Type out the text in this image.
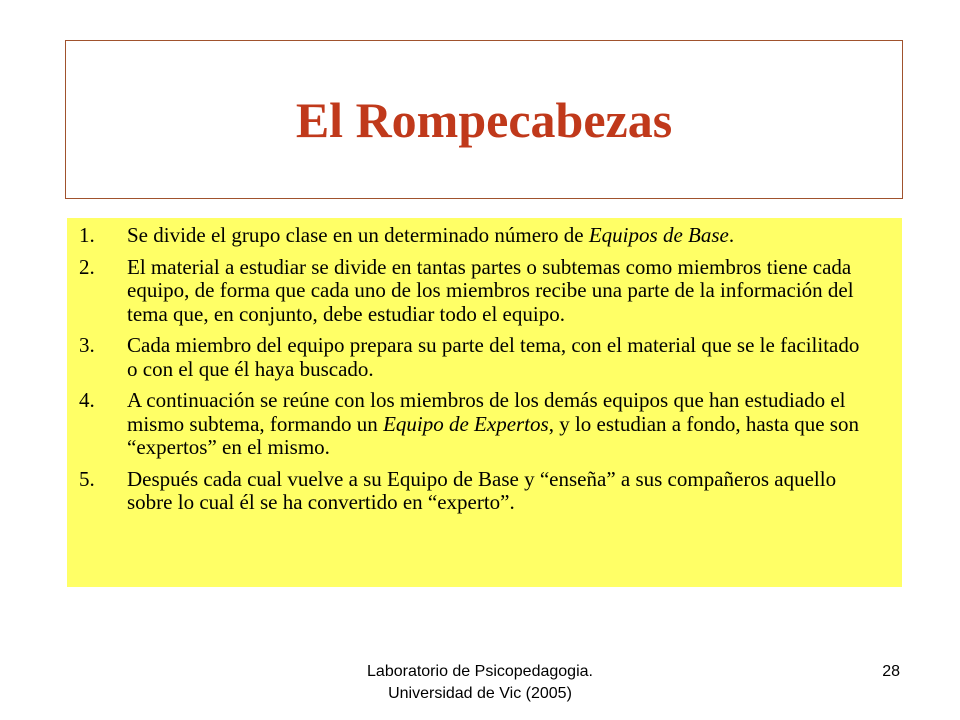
El Rompecabezas
1.	Se divide el grupo clase en un determinado número de Equipos de Base.
2.	El material a estudiar se divide en tantas partes o subtemas como miembros tiene cada equipo, de forma que cada uno de los miembros recibe una parte de la información del tema que, en conjunto, debe estudiar todo el equipo.
3.	Cada miembro del equipo prepara su parte del tema, con el material que se le facilitado o con el que él haya buscado.
4.	A continuación se reúne con los miembros de los demás equipos que han estudiado el mismo subtema, formando un Equipo de Expertos, y lo estudian a fondo, hasta que son “expertos” en el mismo.
5.	Después cada cual vuelve a su Equipo de Base y “enseña” a sus compañeros aquello sobre lo cual él se ha convertido en “experto”.
Laboratorio de Psicopedagogia.
Universidad de Vic (2005)
28
